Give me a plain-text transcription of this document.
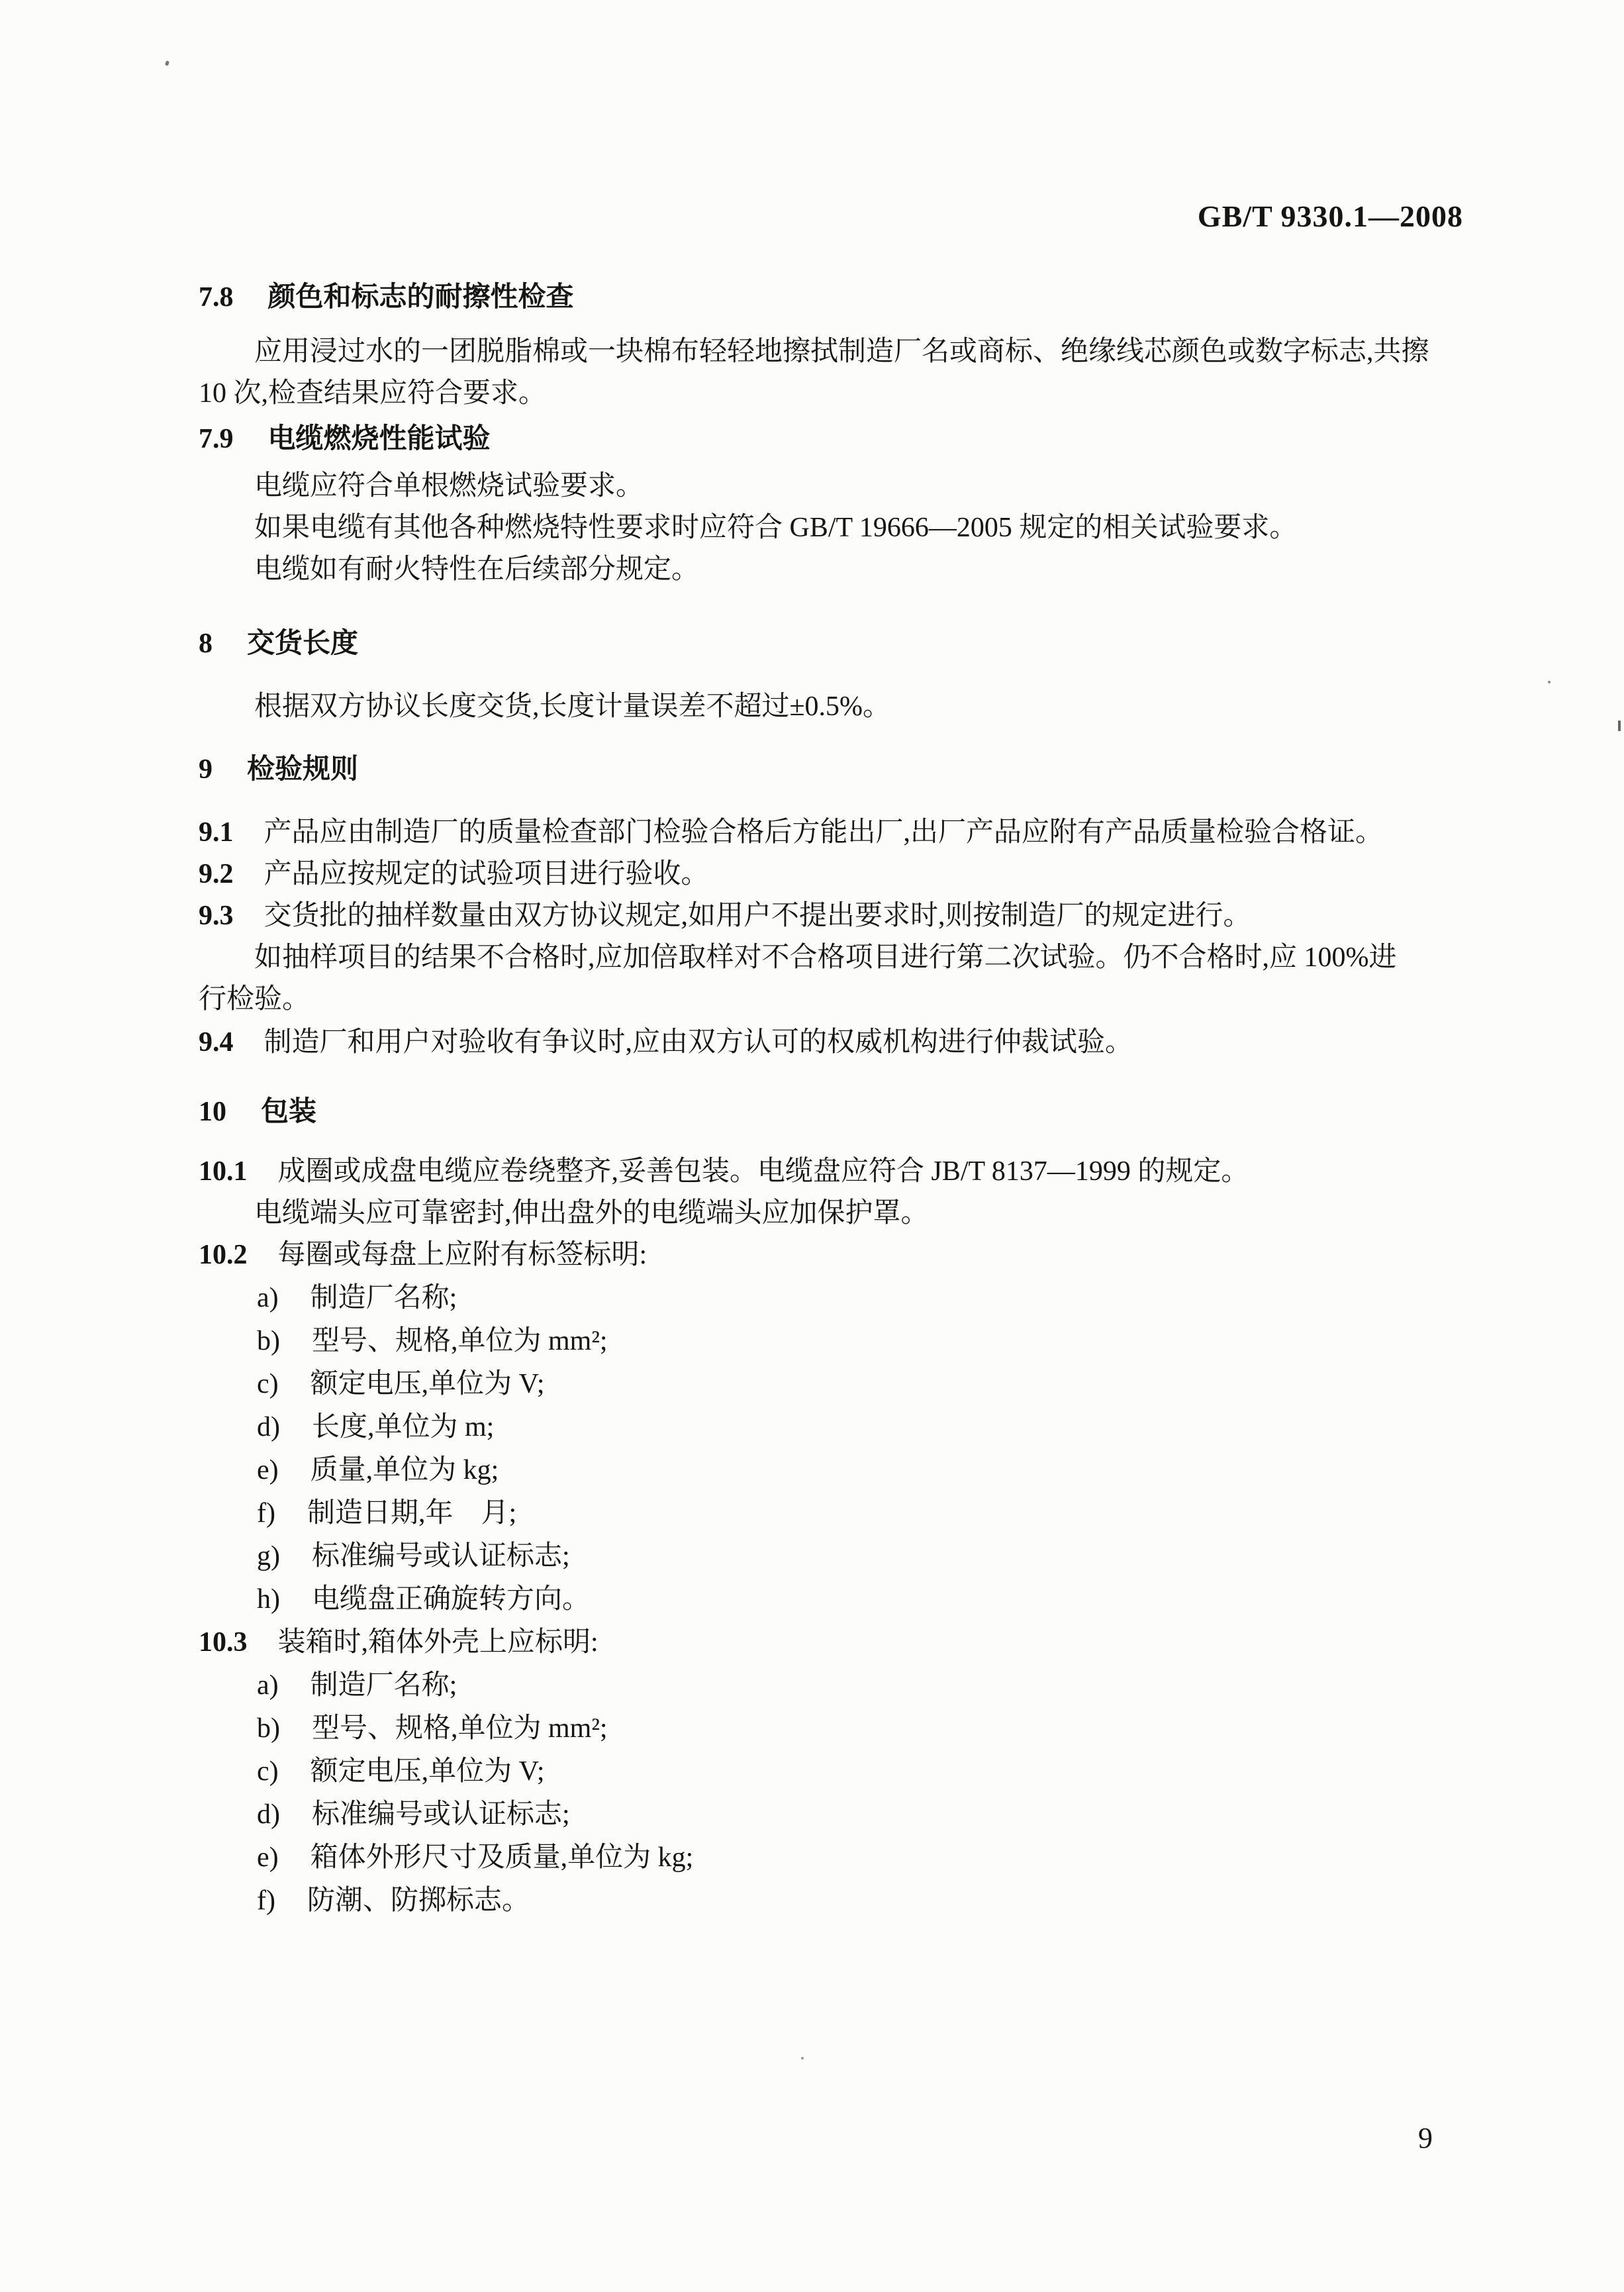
GB/T 9330.1—2008

7.8 颜色和标志的耐擦性检查

应用浸过水的一团脱脂棉或一块棉布轻轻地擦拭制造厂名或商标、绝缘线芯颜色或数字标志,共擦

10 次,检查结果应符合要求。

7.9 电缆燃烧性能试验

电缆应符合单根燃烧试验要求。

如果电缆有其他各种燃烧特性要求时应符合 GB/T 19666—2005 规定的相关试验要求。

电缆如有耐火特性在后续部分规定。

8 交货长度

根据双方协议长度交货,长度计量误差不超过±0.5%。

9 检验规则

9.1 产品应由制造厂的质量检查部门检验合格后方能出厂,出厂产品应附有产品质量检验合格证。

9.2 产品应按规定的试验项目进行验收。

9.3 交货批的抽样数量由双方协议规定,如用户不提出要求时,则按制造厂的规定进行。

如抽样项目的结果不合格时,应加倍取样对不合格项目进行第二次试验。仍不合格时,应 100%进

行检验。

9.4 制造厂和用户对验收有争议时,应由双方认可的权威机构进行仲裁试验。

10 包装

10.1 成圈或成盘电缆应卷绕整齐,妥善包装。电缆盘应符合 JB/T 8137—1999 的规定。

电缆端头应可靠密封,伸出盘外的电缆端头应加保护罩。

10.2 每圈或每盘上应附有标签标明:

a) 制造厂名称;

b) 型号、规格,单位为 mm²;

c) 额定电压,单位为 V;

d) 长度,单位为 m;

e) 质量,单位为 kg;

f) 制造日期,年　月;

g) 标准编号或认证标志;

h) 电缆盘正确旋转方向。

10.3 装箱时,箱体外壳上应标明:

a) 制造厂名称;

b) 型号、规格,单位为 mm²;

c) 额定电压,单位为 V;

d) 标准编号或认证标志;

e) 箱体外形尺寸及质量,单位为 kg;

f) 防潮、防掷标志。

9
